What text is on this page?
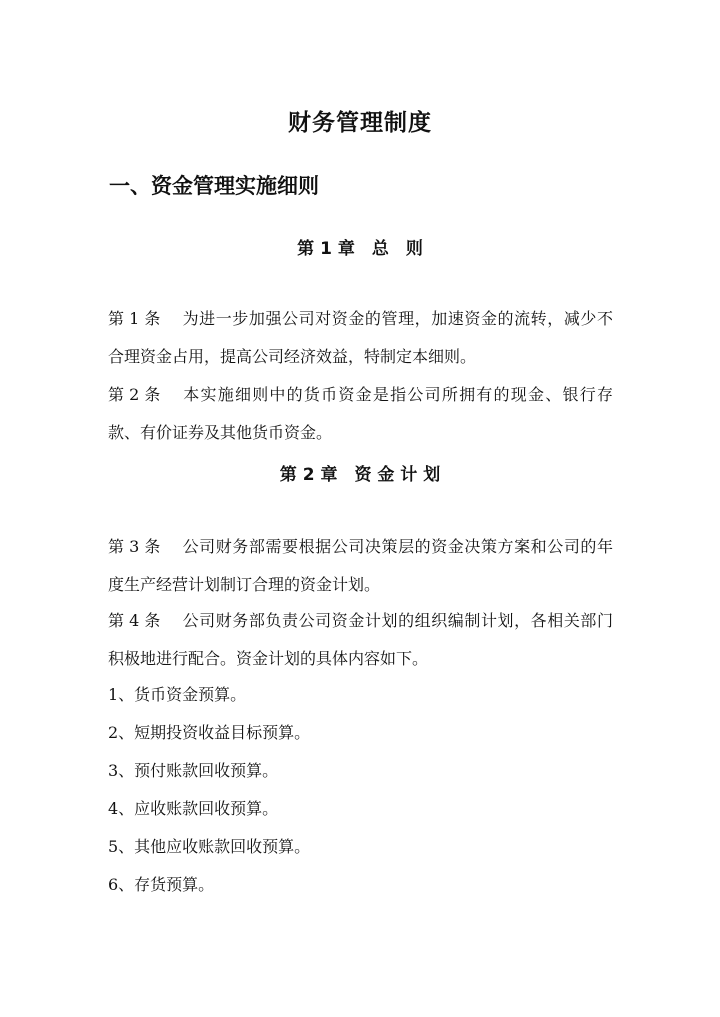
财务管理制度
一、资金管理实施细则
第 1 章　总　则
第 1 条 为进一步加强公司对资金的管理，加速资金的流转，减少不合理资金占用，提高公司经济效益，特制定本细则。
第 2 条 本实施细则中的货币资金是指公司所拥有的现金、银行存款、有价证券及其他货币资金。
第 2 章　资 金 计 划
第 3 条 公司财务部需要根据公司决策层的资金决策方案和公司的年度生产经营计划制订合理的资金计划。
第 4 条 公司财务部负责公司资金计划的组织编制计划，各相关部门积极地进行配合。资金计划的具体内容如下。
1、货币资金预算。
2、短期投资收益目标预算。
3、预付账款回收预算。
4、应收账款回收预算。
5、其他应收账款回收预算。
6、存货预算。
